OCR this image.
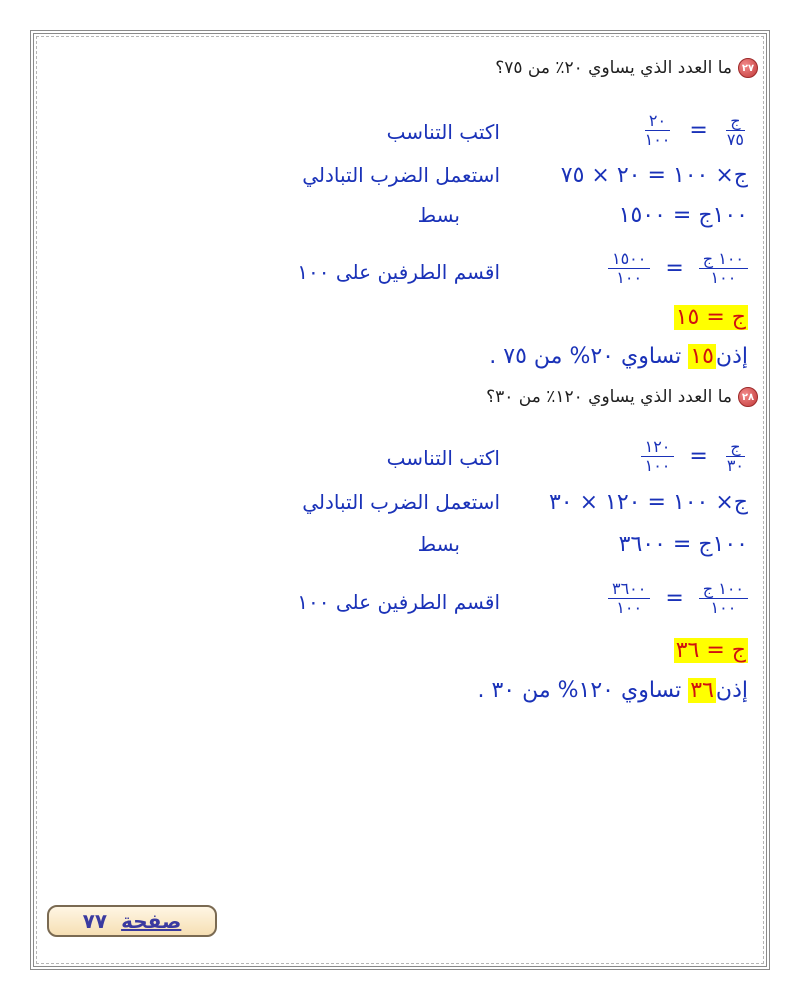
٢٧
ما العدد الذي يساوي ٢٠٪ من ٧٥؟
$\frac{\text{ج}}{٧٥}$
=
$\frac{٢٠}{١٠٠}$
اكتب التناسب
ج× ١٠٠ = ٢٠ × ٧٥
استعمل الضرب التبادلي
١٠٠ج = ١٥٠٠
بسط
$\frac{\text{١٠٠ ج}}{١٠٠}$
=
$\frac{١٥٠٠}{١٠٠}$
اقسم الطرفين على ١٠٠
ج = ١٥
إذن١٥ تساوي ٢٠% من ٧٥ .
٢٨
ما العدد الذي يساوي ١٢٠٪ من ٣٠؟
$\frac{\text{ج}}{٣٠}$
=
$\frac{١٢٠}{١٠٠}$
اكتب التناسب
ج× ١٠٠ = ١٢٠ × ٣٠
استعمل الضرب التبادلي
١٠٠ج = ٣٦٠٠
بسط
$\frac{\text{١٠٠ ج}}{١٠٠}$
=
$\frac{٣٦٠٠}{١٠٠}$
اقسم الطرفين على ١٠٠
ج = ٣٦
إذن٣٦ تساوي ١٢٠% من ٣٠ .
صفحة
٧٧
